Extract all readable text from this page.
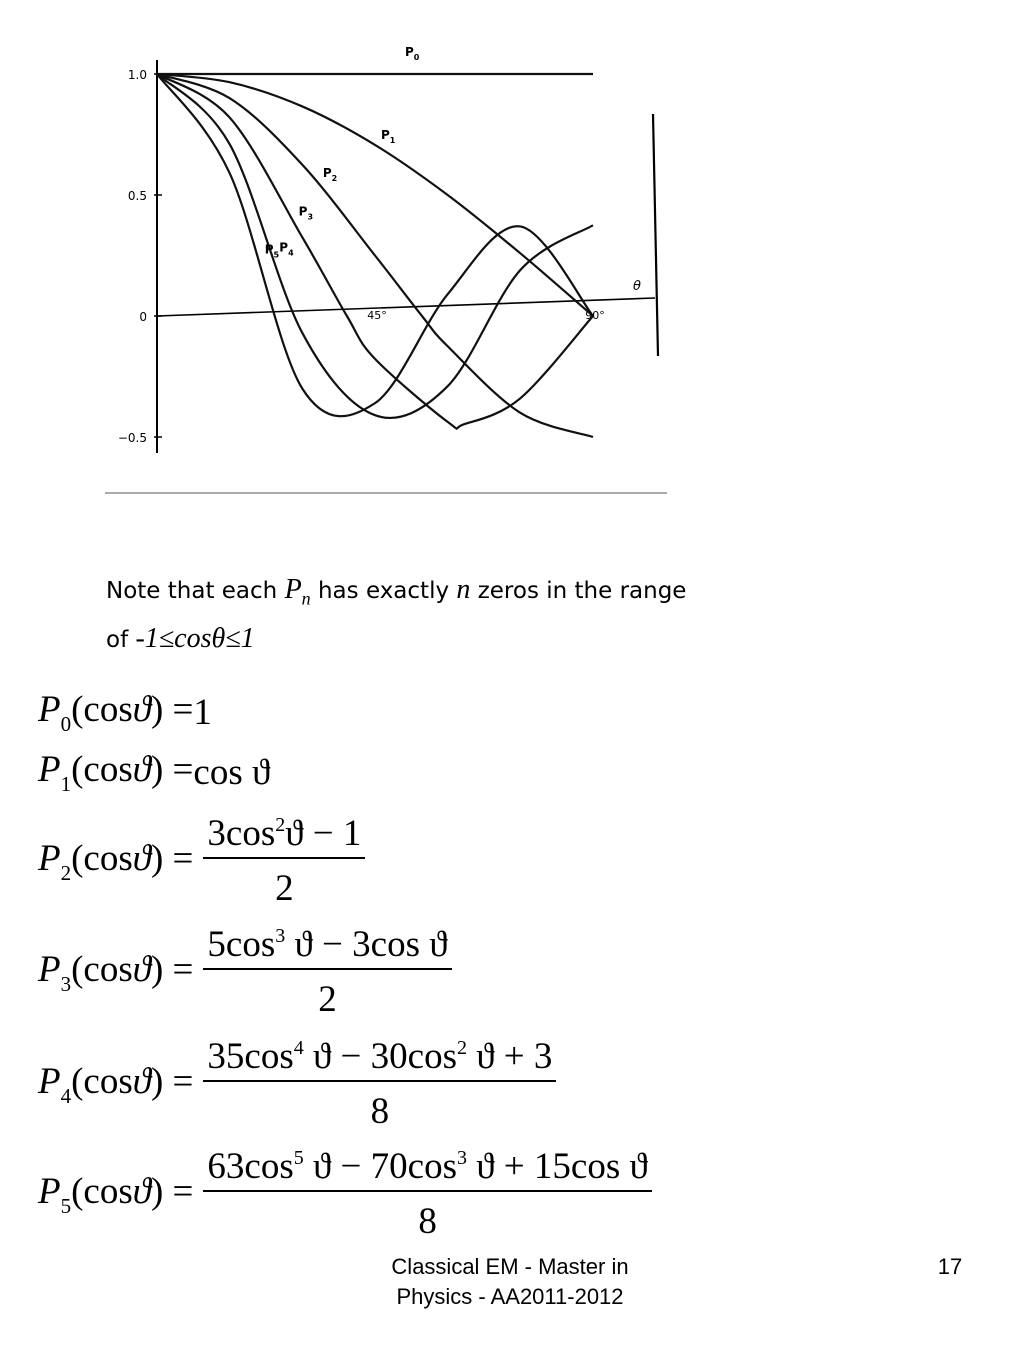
1.0
0.5
0
−0.5
45°	90°
θ
$P_0$
$P_1$
$P_2$
$P_3$
$P_4$
$P_5$
Note that each $P_n$ has exactly n zeros in the range
of -1≤cosθ≤1
$P_0(\cos ϑ) = 1$
$P_1(\cos ϑ) = \cos ϑ$
$P_2(\cos ϑ) = \frac{3\cos^2ϑ - 1}{2}$
$P_3(\cos ϑ) = \frac{5\cos^3 ϑ - 3\cos ϑ}{2}$
$P_4(\cos ϑ) = \frac{35\cos^4 ϑ - 30\cos^2 ϑ + 3}{8}$
$P_5(\cos ϑ) = \frac{63\cos^5 ϑ - 70\cos^3 ϑ + 15\cos ϑ}{8}$
Classical EM - Master in
Physics - AA2011-2012
17
